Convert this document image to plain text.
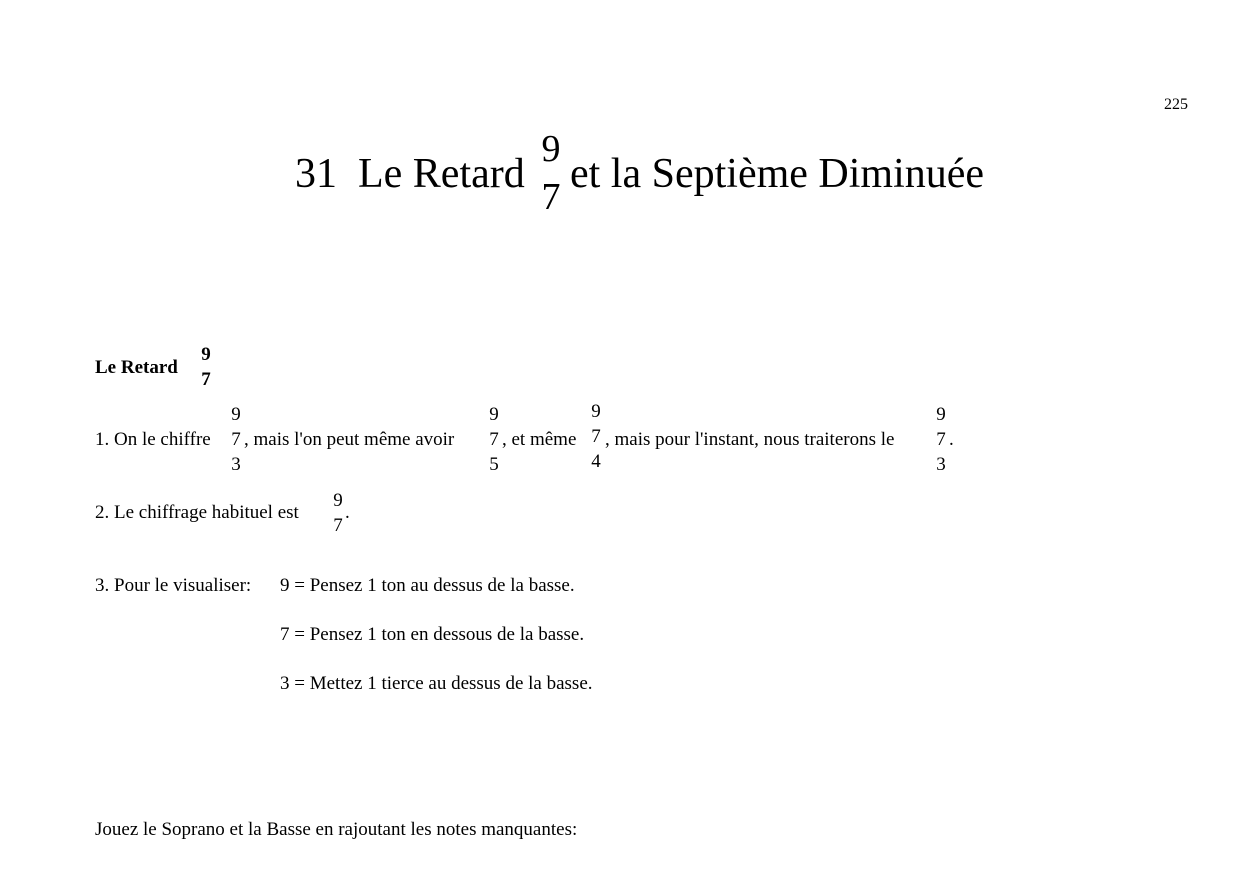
225
31 Le Retard
9
7 et la Septième Diminuée
Le Retard
9
7
1. On le chiffre
9
7
3
, mais l'on peut même avoir
9
7
5
, et même
9
7
4
, mais pour l'instant, nous traiterons le
9
7
3
.
2. Le chiffrage habituel est
9
7
.
3. Pour le visualiser: 9 = Pensez 1 ton au dessus de la basse.
7 = Pensez 1 ton en dessous de la basse.
3 = Mettez 1 tierce au dessus de la basse.
Jouez le Soprano et la Basse en rajoutant les notes manquantes:
